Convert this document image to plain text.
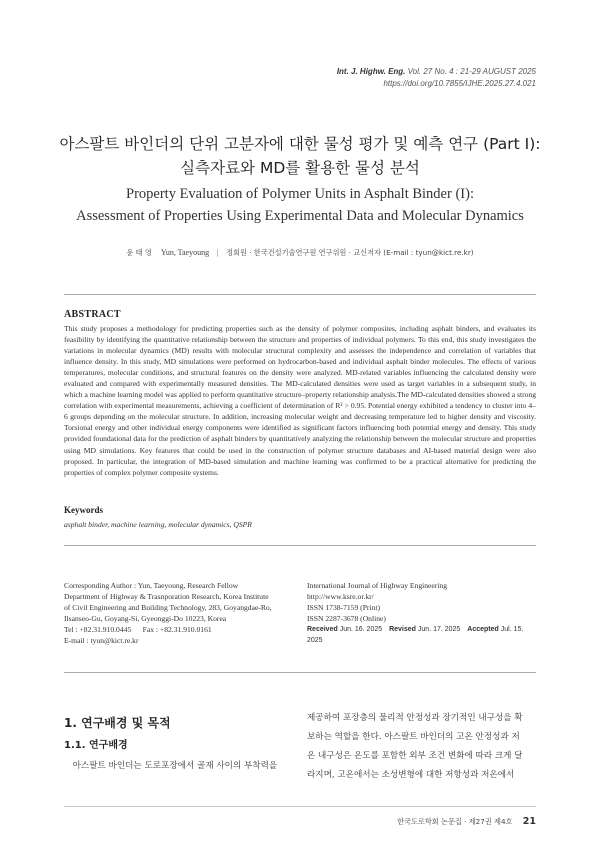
Int. J. Highw. Eng. Vol. 27 No. 4 : 21-29 AUGUST 2025
https://doi.org/10.7855/IJHE.2025.27.4.021
아스팔트 바인더의 단위 고분자에 대한 물성 평가 및 예측 연구 (Part I):
실측자료와 MD를 활용한 물성 분석
Property Evaluation of Polymer Units in Asphalt Binder (I):
Assessment of Properties Using Experimental Data and Molecular Dynamics
윤 태 영 Yun, Taeyoung | 정회원 · 한국건설기술연구원 연구위원 · 교신저자 (E-mail : tyun@kict.re.kr)
ABSTRACT
This study proposes a methodology for predicting properties such as the density of polymer composites, including asphalt binders, and evaluates its feasibility by identifying the quantitative relationship between the structure and properties of individual polymers. To this end, this study investigates the variations in molecular dynamics (MD) results with molecular structural complexity and assesses the independence and correlation of variables that influence density. In this study, MD simulations were performed on hydrocarbon-based and individual asphalt binder molecules. The effects of various temperatures, molecular conditions, and structural features on the density were analyzed. MD-related variables influencing the calculated density were evaluated and compared with experimentally measured densities. The MD-calculated densities were used as target variables in a subsequent study, in which a machine learning model was applied to perform quantitative structure–property relationship analysis.The MD-calculated densities showed a strong correlation with experimental measurements, achieving a coefficient of determination of R² > 0.95. Potential energy exhibited a tendency to cluster into 4–6 groups depending on the molecular structure. In addition, increasing molecular weight and decreasing temperature led to higher density and viscosity. Torsional energy and other individual energy components were identified as significant factors influencing both potential energy and density. This study provided foundational data for the prediction of asphalt binders by quantitatively analyzing the relationship between the molecular structure and properties using MD simulations. Key features that could be used in the construction of polymer structure databases and AI-based material design were also proposed. In particular, the integration of MD-based simulation and machine learning was confirmed to be a practical alternative for predicting the properties of complex polymer composite systems.
Keywords
asphalt binder, machine learning, molecular dynamics, QSPR
Corresponding Author : Yun, Taeyoung, Research Fellow
Department of Highway & Trasnporation Research, Korea Institute
of Civil Engineering and Building Technology, 283, Goyangdae-Ro,
Ilsanseo-Gu, Goyang-Si, Gyeonggi-Do 10223, Korea
Tel : +82.31.910.0445      Fax : +82.31.910.0161
E-mail : tyun@kict.re.kr
International Journal of Highway Engineering
http://www.ksre.or.kr/
ISSN 1738-7159 (Print)
ISSN 2287-3678 (Online)
Received Jun. 16. 2025 Revised Jun. 17. 2025 Accepted Jul. 15. 2025
1. 연구배경 및 목적
1.1. 연구배경
아스팔트 바인더는 도로포장에서 골재 사이의 부착력을
제공하여 포장층의 물리적 안정성과 장기적인 내구성을 확
보하는 역할을 한다. 아스팔트 바인더의 고온 안정성과 저
온 내구성은 온도를 포함한 외부 조건 변화에 따라 크게 달
라지며, 고온에서는 소성변형에 대한 저항성과 저온에서
한국도로학회 논문집 · 제27권 제4호 21
